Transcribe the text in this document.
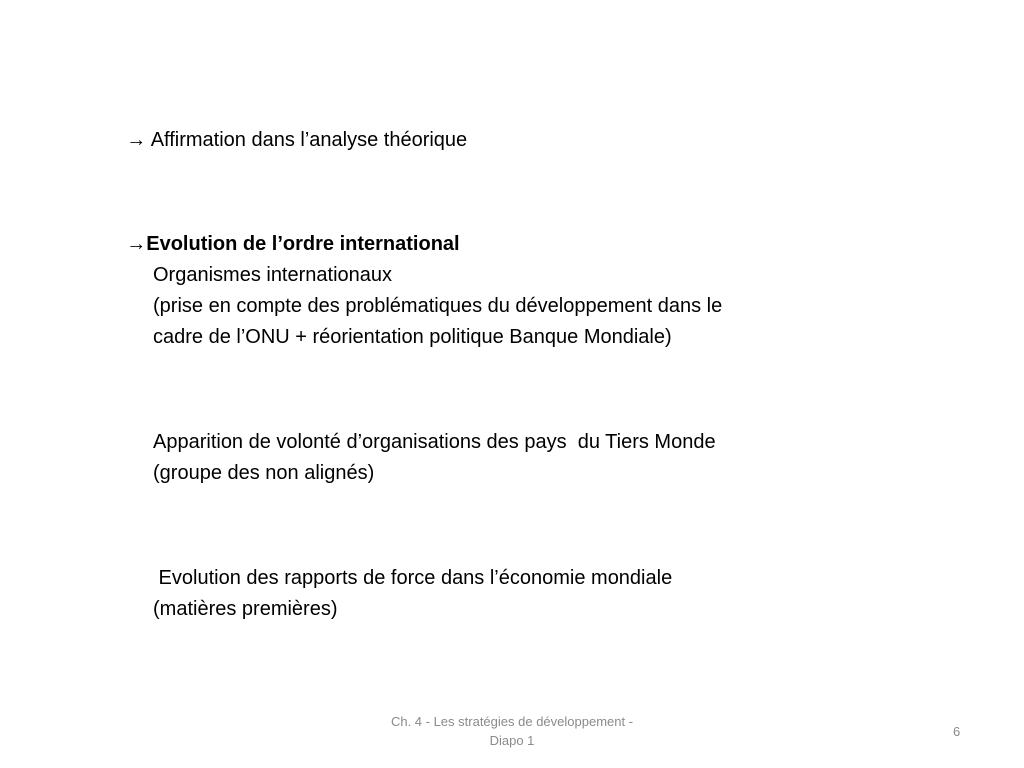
→ Affirmation dans l’analyse théorique

→Evolution de l’ordre international

Organismes internationaux
(prise en compte des problématiques du développement dans le
cadre de l’ONU + réorientation politique Banque Mondiale)
Apparition de volonté d’organisations des pays  du Tiers Monde
(groupe des non alignés)
Evolution des rapports de force dans l’économie mondiale
(matières premières)
Ch. 4 - Les stratégies de développement -
Diapo 1
6
